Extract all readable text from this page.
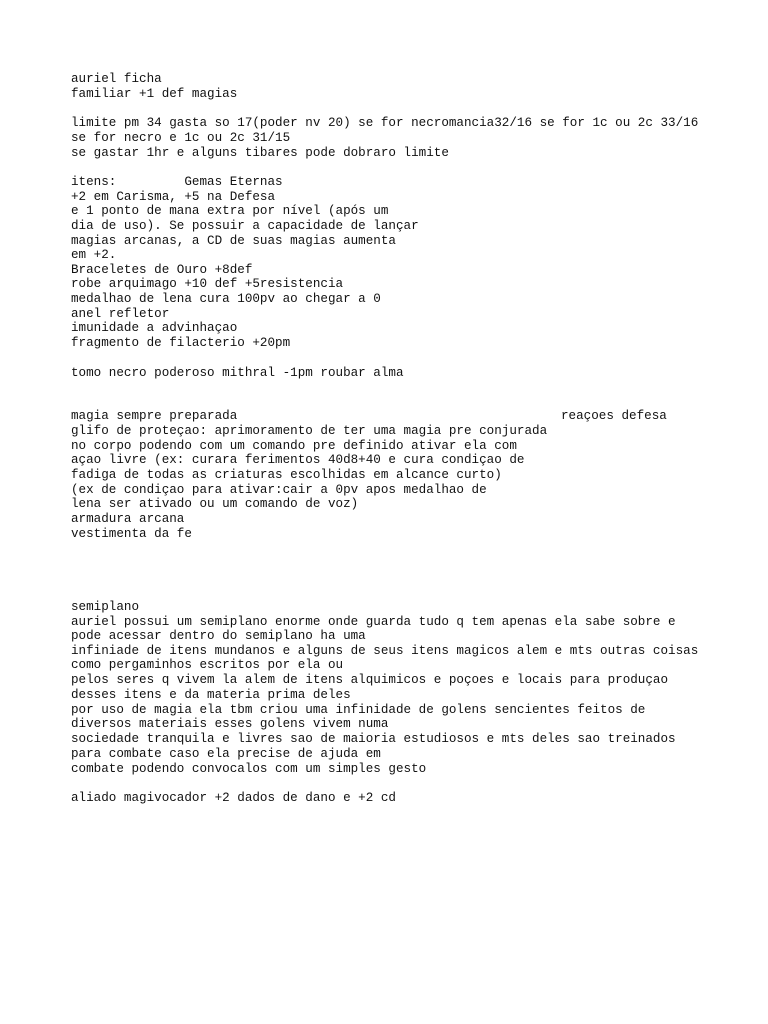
auriel ficha
familiar +1 def magias
limite pm 34 gasta so 17(poder nv 20) se for necromancia32/16 se for 1c ou 2c 33/16
se for necro e 1c ou 2c 31/15
se gastar 1hr e alguns tibares pode dobraro limite
itens:         Gemas Eternas
+2 em Carisma, +5 na Defesa
e 1 ponto de mana extra por nível (após um
dia de uso). Se possuir a capacidade de lançar
magias arcanas, a CD de suas magias aumenta
em +2.
Braceletes de Ouro +8def
robe arquimago +10 def +5resistencia
medalhao de lena cura 100pv ao chegar a 0
anel refletor
imunidade a advinhaçao
fragmento de filacterio +20pm
tomo necro poderoso mithral -1pm roubar alma
magia sempre preparada	reaçoes defesa
glifo de proteçao: aprimoramento de ter uma magia pre conjurada
no corpo podendo com um comando pre definido ativar ela com
açao livre (ex: curara ferimentos 40d8+40 e cura condiçao de
fadiga de todas as criaturas escolhidas em alcance curto)
(ex de condiçao para ativar:cair a 0pv apos medalhao de
lena ser ativado ou um comando de voz)
armadura arcana
vestimenta da fe
semiplano
auriel possui um semiplano enorme onde guarda tudo q tem apenas ela sabe sobre e
pode acessar dentro do semiplano ha uma
infiniade de itens mundanos e alguns de seus itens magicos alem e mts outras coisas
como pergaminhos escritos por ela ou
pelos seres q vivem la alem de itens alquimicos e poçoes e locais para produçao
desses itens e da materia prima deles
por uso de magia ela tbm criou uma infinidade de golens sencientes feitos de
diversos materiais esses golens vivem numa
sociedade tranquila e livres sao de maioria estudiosos e mts deles sao treinados
para combate caso ela precise de ajuda em
combate podendo convocalos com um simples gesto
aliado magivocador +2 dados de dano e +2 cd
